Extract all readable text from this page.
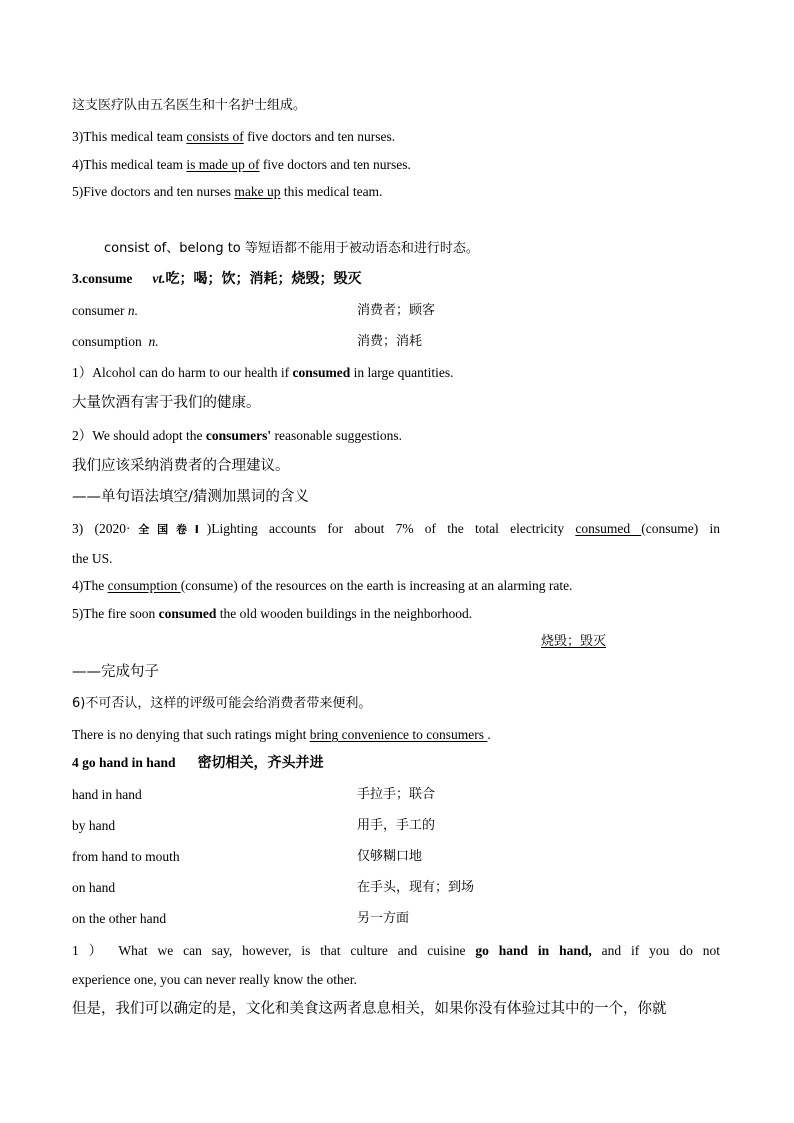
这支医疗队由五名医生和十名护士组成。
3)This medical team consists of five doctors and ten nurses.
4)This medical team is made up of five doctors and ten nurses.
5)Five doctors and ten nurses make up this medical team.
consist of、belong to 等短语都不能用于被动语态和进行时态。
3.consume vt.吃；喝；饮；消耗；烧毁；毁灭
consumer n.	消费者；顾客
consumption n.	消费；消耗
1）Alcohol can do harm to our health if consumed in large quantities.
大量饮酒有害于我们的健康。
2）We should adopt the consumers' reasonable suggestions.
我们应该采纳消费者的合理建议。
——单句语法填空/猜测加黑词的含义
3) (2020·全国卷Ⅰ)Lighting accounts for about 7% of the total electricity consumed (consume) in
the US.
4)The consumption (consume) of the resources on the earth is increasing at an alarming rate.
5)The fire soon consumed the old wooden buildings in the neighborhood.
烧毁；毁灭
——完成句子
6)不可否认，这样的评级可能会给消费者带来便利。
There is no denying that such ratings might bring convenience to consumers .
4 go hand in hand 密切相关，齐头并进
hand in hand	手拉手；联合
by hand	用手，手工的
from hand to mouth	仅够糊口地
on hand	在手头，现有；到场
on the other hand	另一方面
1 ） What we can say, however, is that culture and cuisine go hand in hand, and if you do not
experience one, you can never really know the other.
但是，我们可以确定的是，文化和美食这两者息息相关，如果你没有体验过其中的一个，你就
